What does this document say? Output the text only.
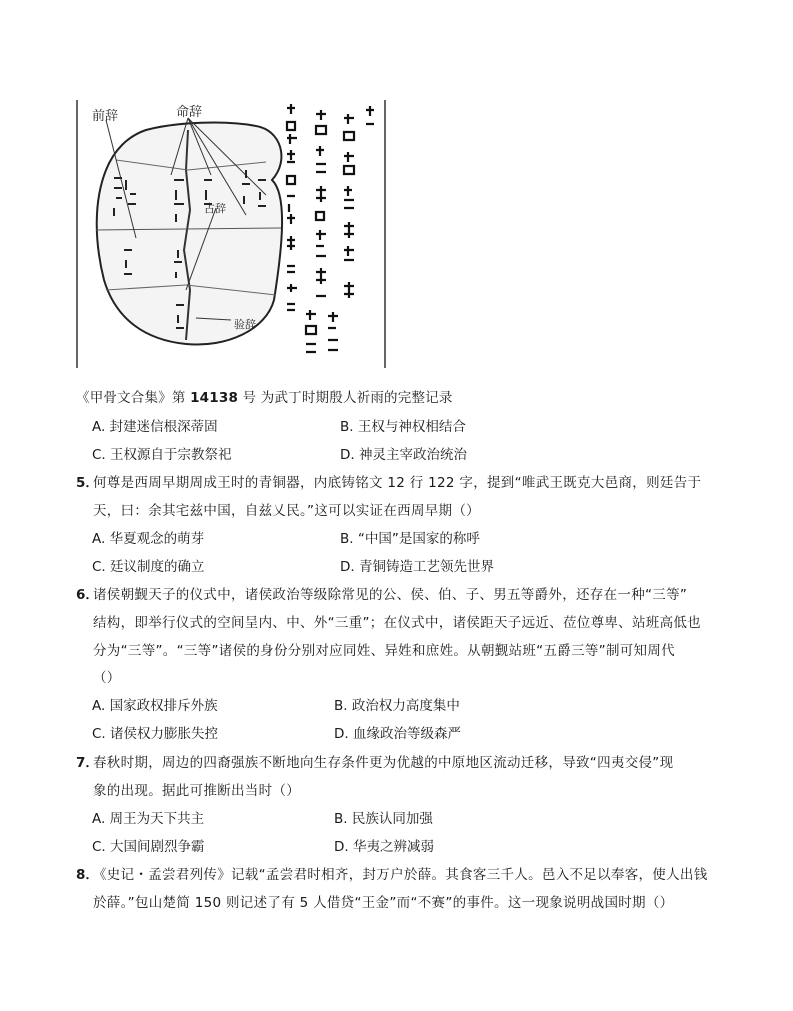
前辞	命辞
占辞
验辞
《甲骨文合集》第 14138 号 为武丁时期殷人祈雨的完整记录
A. 封建迷信根深蒂固	B. 王权与神权相结合
C. 王权源自于宗教祭祀	D. 神灵主宰政治统治
5．
何尊是西周早期周成王时的青铜器，内底铸铭文 12 行 122 字，提到“唯武王既克大邑商，则廷告于
天，曰：余其宅兹中国，自兹乂民。”这可以实证在西周早期（）
A. 华夏观念的萌芽	B. “中国”是国家的称呼
C. 廷议制度的确立	D. 青铜铸造工艺领先世界
6．
诸侯朝觐天子的仪式中，诸侯政治等级除常见的公、侯、伯、子、男五等爵外，还存在一种“三等”
结构，即举行仪式的空间呈内、中、外“三重”；在仪式中，诸侯距天子远近、莅位尊卑、站班高低也
分为“三等”。“三等”诸侯的身份分别对应同姓、异姓和庶姓。从朝觐站班“五爵三等”制可知周代
（）
A. 国家政权排斥外族	B. 政治权力高度集中
C. 诸侯权力膨胀失控	D. 血缘政治等级森严
7．
春秋时期，周边的四裔强族不断地向生存条件更为优越的中原地区流动迁移，导致“四夷交侵”现
象的出现。据此可推断出当时（）
A. 周王为天下共主	B. 民族认同加强
C. 大国间剧烈争霸	D. 华夷之辨减弱
8．
《史记・孟尝君列传》记载“孟尝君时相齐，封万户於薛。其食客三千人。邑入不足以奉客，使人出钱
於薛。”包山楚简 150 则记述了有 5 人借贷“王金”而“不赛”的事件。这一现象说明战国时期（）
